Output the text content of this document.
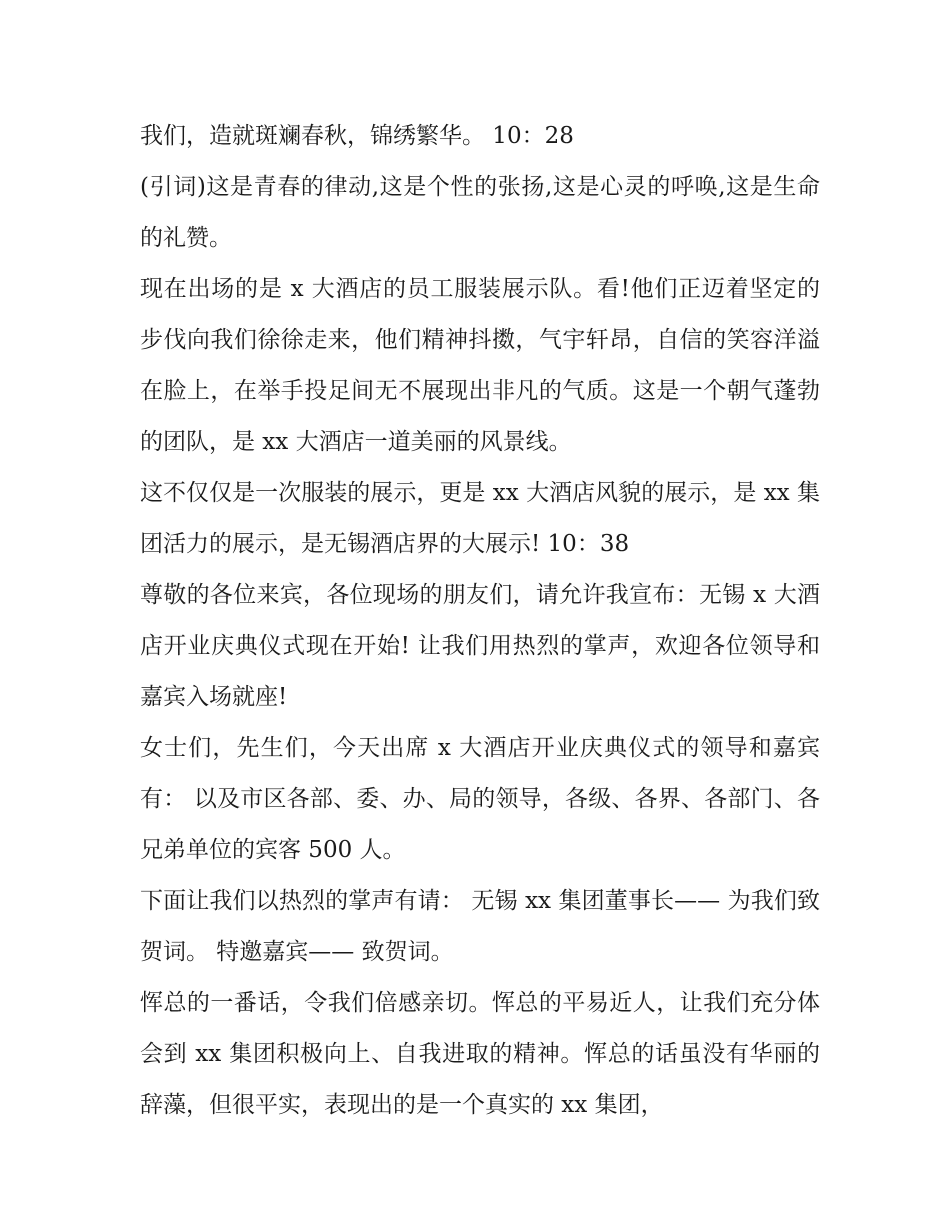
我们，造就斑斓春秋，锦绣繁华。 10：28

(引词)这是青春的律动,这是个性的张扬,这是心灵的呼唤,这是生命的礼赞。

现在出场的是 x 大酒店的员工服装展示队。看!他们正迈着坚定的步伐向我们徐徐走来，他们精神抖擞，气宇轩昂，自信的笑容洋溢在脸上，在举手投足间无不展现出非凡的气质。这是一个朝气蓬勃的团队，是 xx 大酒店一道美丽的风景线。

这不仅仅是一次服装的展示，更是 xx 大酒店风貌的展示，是 xx 集团活力的展示，是无锡酒店界的大展示! 10：38

尊敬的各位来宾，各位现场的朋友们，请允许我宣布：无锡 x 大酒店开业庆典仪式现在开始! 让我们用热烈的掌声，欢迎各位领导和嘉宾入场就座!

女士们，先生们，今天出席 x 大酒店开业庆典仪式的领导和嘉宾有： 以及市区各部、委、办、局的领导，各级、各界、各部门、各兄弟单位的宾客 500 人。

下面让我们以热烈的掌声有请： 无锡 xx 集团董事长—— 为我们致贺词。 特邀嘉宾—— 致贺词。

恽总的一番话，令我们倍感亲切。恽总的平易近人，让我们充分体会到 xx 集团积极向上、自我进取的精神。恽总的话虽没有华丽的辞藻，但很平实，表现出的是一个真实的 xx 集团，
